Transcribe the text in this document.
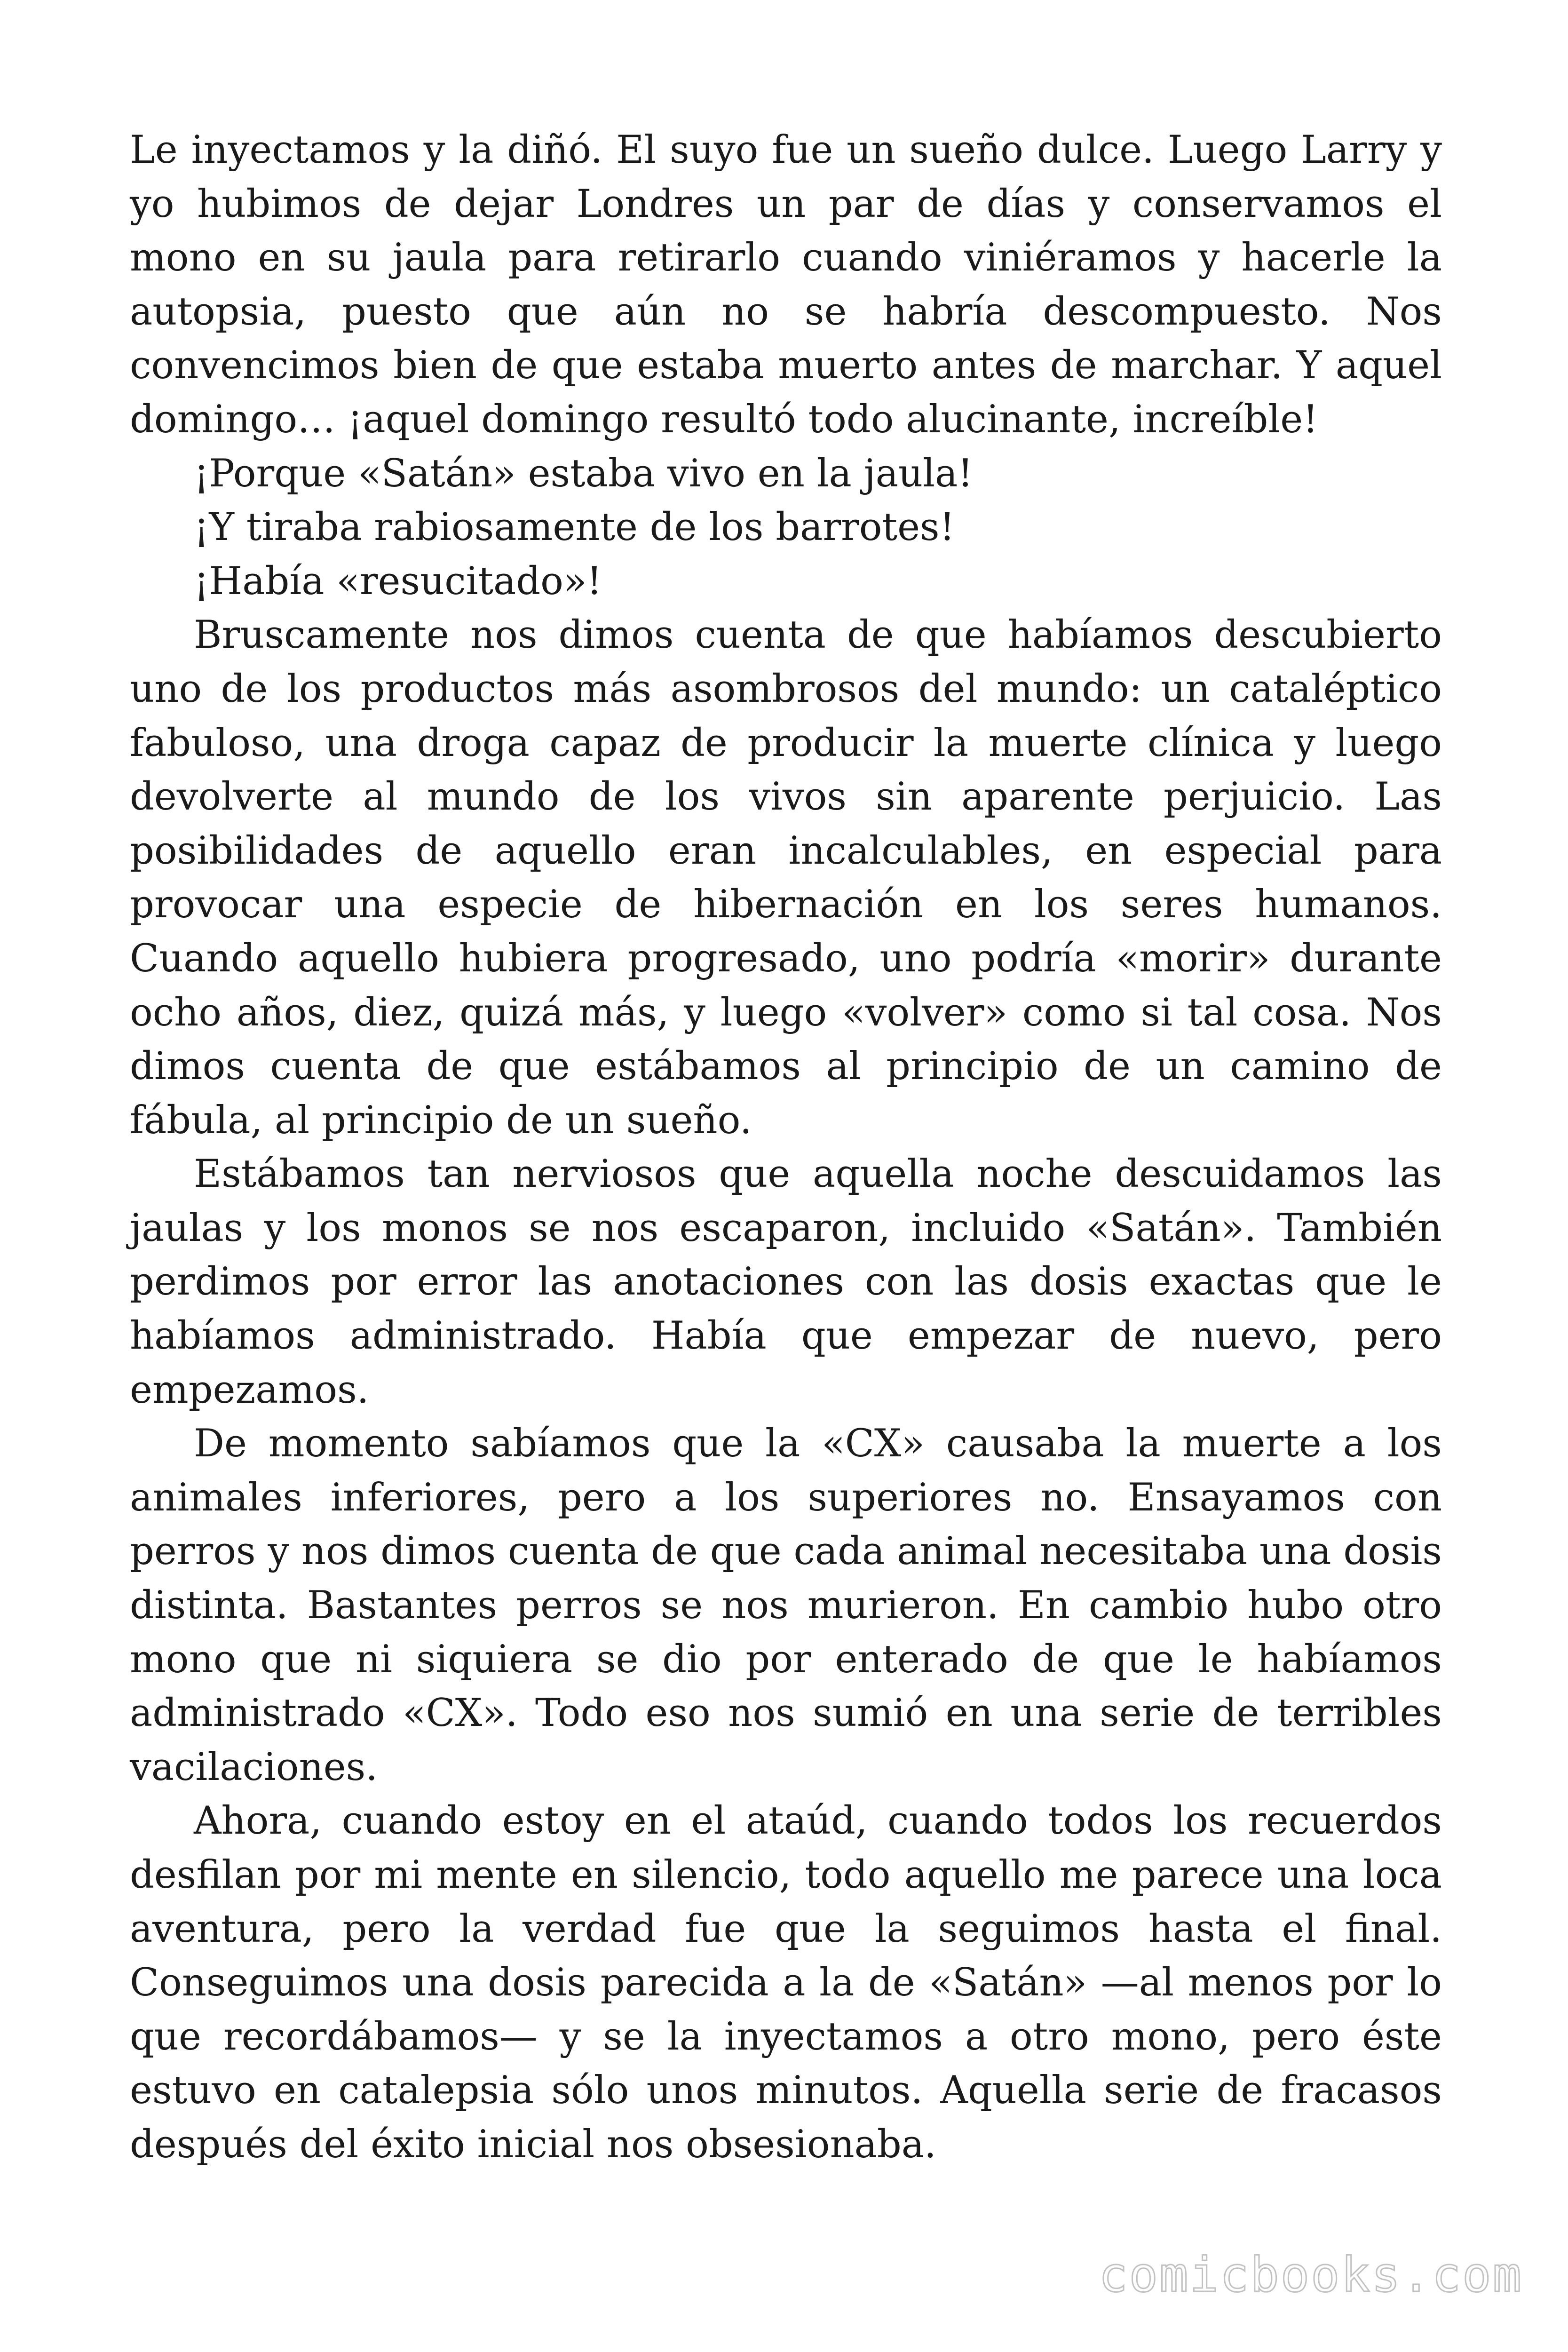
Le inyectamos y la diñó. El suyo fue un sueño dulce. Luego Larry y yo hubimos de dejar Londres un par de días y conservamos el mono en su jaula para retirarlo cuando viniéramos y hacerle la autopsia, puesto que aún no se habría descompuesto. Nos convencimos bien de que estaba muerto antes de marchar. Y aquel domingo… ¡aquel domingo resultó todo alucinante, increíble!

¡Porque «Satán» estaba vivo en la jaula!

¡Y tiraba rabiosamente de los barrotes!

¡Había «resucitado»!

Bruscamente nos dimos cuenta de que habíamos descubierto uno de los productos más asombrosos del mundo: un cataléptico fabuloso, una droga capaz de producir la muerte clínica y luego devolverte al mundo de los vivos sin aparente perjuicio. Las posibilidades de aquello eran incalculables, en especial para provocar una especie de hibernación en los seres humanos. Cuando aquello hubiera progresado, uno podría «morir» durante ocho años, diez, quizá más, y luego «volver» como si tal cosa. Nos dimos cuenta de que estábamos al principio de un camino de fábula, al principio de un sueño.

Estábamos tan nerviosos que aquella noche descuidamos las jaulas y los monos se nos escaparon, incluido «Satán». También perdimos por error las anotaciones con las dosis exactas que le habíamos administrado. Había que empezar de nuevo, pero empezamos.

De momento sabíamos que la «CX» causaba la muerte a los animales inferiores, pero a los superiores no. Ensayamos con perros y nos dimos cuenta de que cada animal necesitaba una dosis distinta. Bastantes perros se nos murieron. En cambio hubo otro mono que ni siquiera se dio por enterado de que le habíamos administrado «CX». Todo eso nos sumió en una serie de terribles vacilaciones.

Ahora, cuando estoy en el ataúd, cuando todos los recuerdos desfilan por mi mente en silencio, todo aquello me parece una loca aventura, pero la verdad fue que la seguimos hasta el final. Conseguimos una dosis parecida a la de «Satán» —al menos por lo que recordábamos— y se la inyectamos a otro mono, pero éste estuvo en catalepsia sólo unos minutos. Aquella serie de fracasos después del éxito inicial nos obsesionaba.

comicbooks.com
